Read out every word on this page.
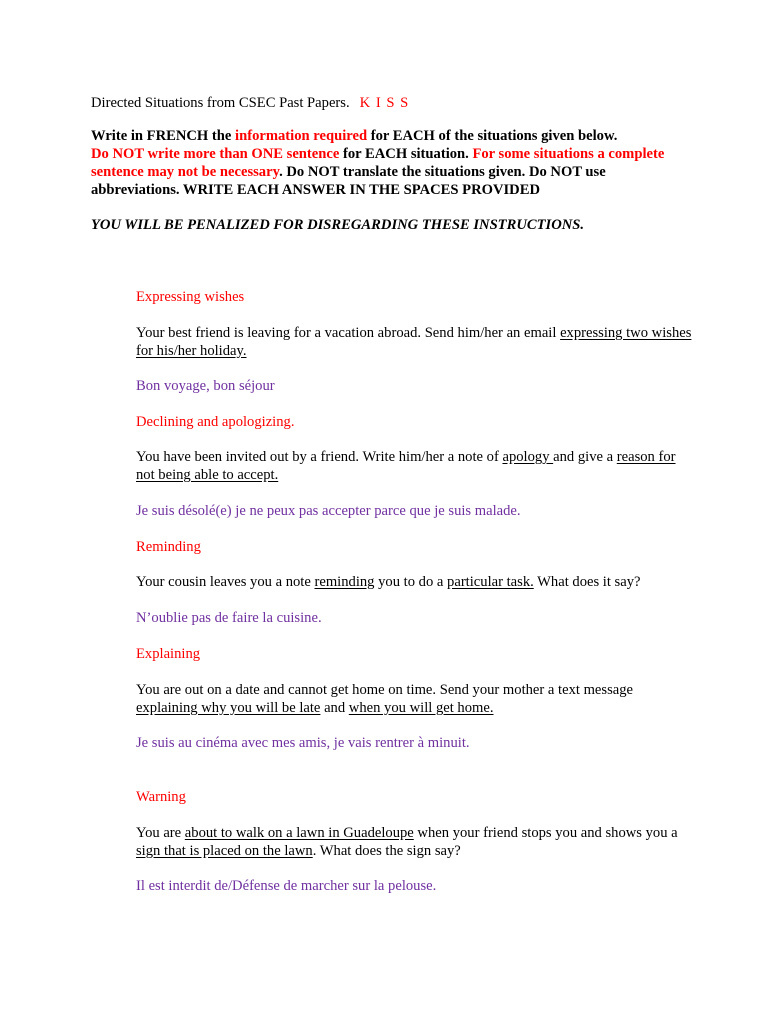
Directed Situations from CSEC Past Papers. K I S S

Write in FRENCH the information required for EACH of the situations given below.
Do NOT write more than ONE sentence for EACH situation. For some situations a complete sentence may not be necessary. Do NOT translate the situations given. Do NOT use abbreviations. WRITE EACH ANSWER IN THE SPACES PROVIDED

YOU WILL BE PENALIZED FOR DISREGARDING THESE INSTRUCTIONS.

Expressing wishes

Your best friend is leaving for a vacation abroad. Send him/her an email expressing two wishes for his/her holiday.

Bon voyage, bon séjour

Declining and apologizing.

You have been invited out by a friend. Write him/her a note of apology and give a reason for not being able to accept.

Je suis désolé(e) je ne peux pas accepter parce que je suis malade.

Reminding

Your cousin leaves you a note reminding you to do a particular task. What does it say?

N’oublie pas de faire la cuisine.

Explaining

You are out on a date and cannot get home on time. Send your mother a text message explaining why you will be late and when you will get home.

Je suis au cinéma avec mes amis, je vais rentrer à minuit.

Warning

You are about to walk on a lawn in Guadeloupe when your friend stops you and shows you a sign that is placed on the lawn. What does the sign say?

Il est interdit de/Défense de marcher sur la pelouse.
